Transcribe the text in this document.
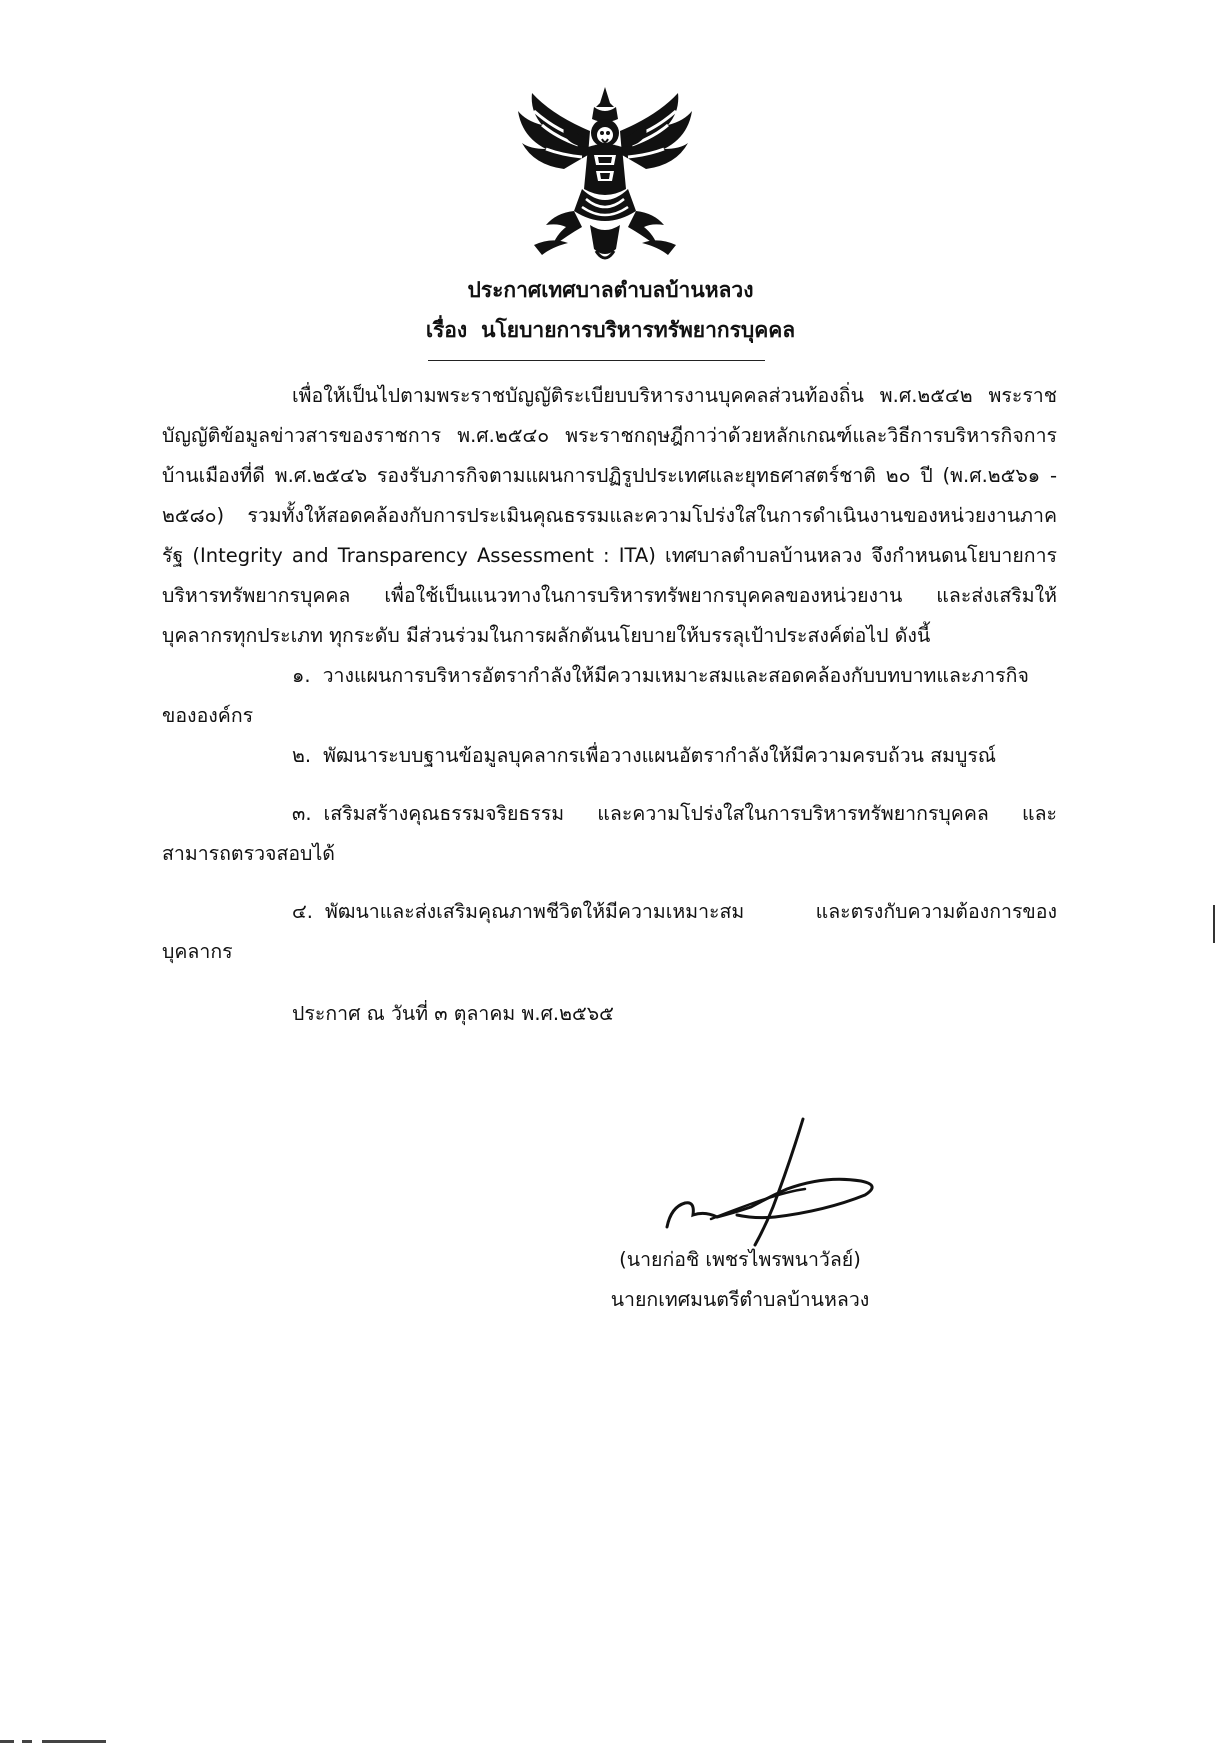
ประกาศเทศบาลตำบลบ้านหลวง
เรื่อง นโยบายการบริหารทรัพยากรบุคคล

เพื่อให้เป็นไปตามพระราชบัญญัติระเบียบบริหารงานบุคคลส่วนท้องถิ่น พ.ศ.๒๕๔๒ พระราชบัญญัติข้อมูลข่าวสารของราชการ พ.ศ.๒๕๔๐ พระราชกฤษฎีกาว่าด้วยหลักเกณฑ์และวิธีการบริหารกิจการบ้านเมืองที่ดี พ.ศ.๒๕๔๖ รองรับภารกิจตามแผนการปฏิรูปประเทศและยุทธศาสตร์ชาติ ๒๐ ปี (พ.ศ.๒๕๖๑ - ๒๕๘๐) รวมทั้งให้สอดคล้องกับการประเมินคุณธรรมและความโปร่งใสในการดำเนินงานของหน่วยงานภาครัฐ (Integrity and Transparency Assessment : ITA) เทศบาลตำบลบ้านหลวง จึงกำหนดนโยบายการบริหารทรัพยากรบุคคล เพื่อใช้เป็นแนวทางในการบริหารทรัพยากรบุคคลของหน่วยงาน และส่งเสริมให้บุคลากรทุกประเภท ทุกระดับ มีส่วนร่วมในการผลักดันนโยบายให้บรรลุเป้าประสงค์ต่อไป ดังนี้

๑. วางแผนการบริหารอัตรากำลังให้มีความเหมาะสมและสอดคล้องกับบทบาทและภารกิจขององค์กร

๒. พัฒนาระบบฐานข้อมูลบุคลากรเพื่อวางแผนอัตรากำลังให้มีความครบถ้วน สมบูรณ์

๓. เสริมสร้างคุณธรรมจริยธรรม และความโปร่งใสในการบริหารทรัพยากรบุคคล และสามารถตรวจสอบได้

๔. พัฒนาและส่งเสริมคุณภาพชีวิตให้มีความเหมาะสม และตรงกับความต้องการของบุคลากร

ประกาศ ณ วันที่ ๓ ตุลาคม พ.ศ.๒๕๖๕

(นายก่อชิ เพชรไพรพนาวัลย์)
นายกเทศมนตรีตำบลบ้านหลวง
